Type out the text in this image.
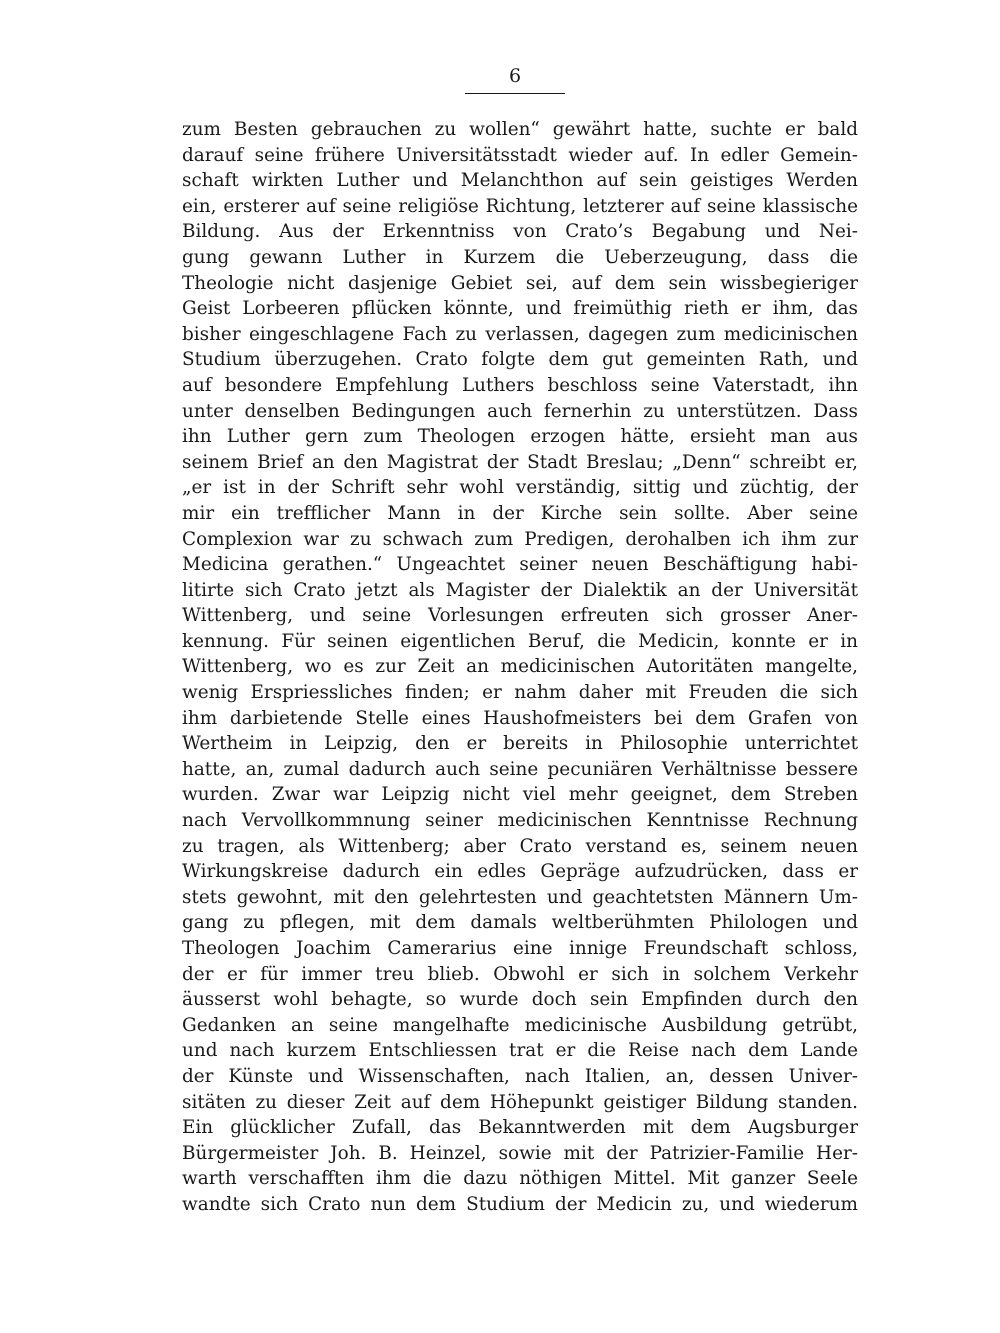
6
zum Besten gebrauchen zu wollen“ gewährt hatte, suchte er bald
darauf seine frühere Universitätsstadt wieder auf. In edler Gemein-
schaft wirkten Luther und Melanchthon auf sein geistiges Werden
ein, ersterer auf seine religiöse Richtung, letzterer auf seine klassische
Bildung. Aus der Erkenntniss von Crato’s Begabung und Nei-
gung gewann Luther in Kurzem die Ueberzeugung, dass die
Theologie nicht dasjenige Gebiet sei, auf dem sein wissbegieriger
Geist Lorbeeren pflücken könnte, und freimüthig rieth er ihm, das
bisher eingeschlagene Fach zu verlassen, dagegen zum medicinischen
Studium überzugehen. Crato folgte dem gut gemeinten Rath, und
auf besondere Empfehlung Luthers beschloss seine Vaterstadt, ihn
unter denselben Bedingungen auch fernerhin zu unterstützen. Dass
ihn Luther gern zum Theologen erzogen hätte, ersieht man aus
seinem Brief an den Magistrat der Stadt Breslau; „Denn“ schreibt er,
„er ist in der Schrift sehr wohl verständig, sittig und züchtig, der
mir ein trefflicher Mann in der Kirche sein sollte. Aber seine
Complexion war zu schwach zum Predigen, derohalben ich ihm zur
Medicina gerathen.“ Ungeachtet seiner neuen Beschäftigung habi-
litirte sich Crato jetzt als Magister der Dialektik an der Universität
Wittenberg, und seine Vorlesungen erfreuten sich grosser Aner-
kennung. Für seinen eigentlichen Beruf, die Medicin, konnte er in
Wittenberg, wo es zur Zeit an medicinischen Autoritäten mangelte,
wenig Erspriessliches finden; er nahm daher mit Freuden die sich
ihm darbietende Stelle eines Haushofmeisters bei dem Grafen von
Wertheim in Leipzig, den er bereits in Philosophie unterrichtet
hatte, an, zumal dadurch auch seine pecuniären Verhältnisse bessere
wurden. Zwar war Leipzig nicht viel mehr geeignet, dem Streben
nach Vervollkommnung seiner medicinischen Kenntnisse Rechnung
zu tragen, als Wittenberg; aber Crato verstand es, seinem neuen
Wirkungskreise dadurch ein edles Gepräge aufzudrücken, dass er
stets gewohnt, mit den gelehrtesten und geachtetsten Männern Um-
gang zu pflegen, mit dem damals weltberühmten Philologen und
Theologen Joachim Camerarius eine innige Freundschaft schloss,
der er für immer treu blieb. Obwohl er sich in solchem Verkehr
äusserst wohl behagte, so wurde doch sein Empfinden durch den
Gedanken an seine mangelhafte medicinische Ausbildung getrübt,
und nach kurzem Entschliessen trat er die Reise nach dem Lande
der Künste und Wissenschaften, nach Italien, an, dessen Univer-
sitäten zu dieser Zeit auf dem Höhepunkt geistiger Bildung standen.
Ein glücklicher Zufall, das Bekanntwerden mit dem Augsburger
Bürgermeister Joh. B. Heinzel, sowie mit der Patrizier-Familie Her-
warth verschafften ihm die dazu nöthigen Mittel. Mit ganzer Seele
wandte sich Crato nun dem Studium der Medicin zu, und wiederum
